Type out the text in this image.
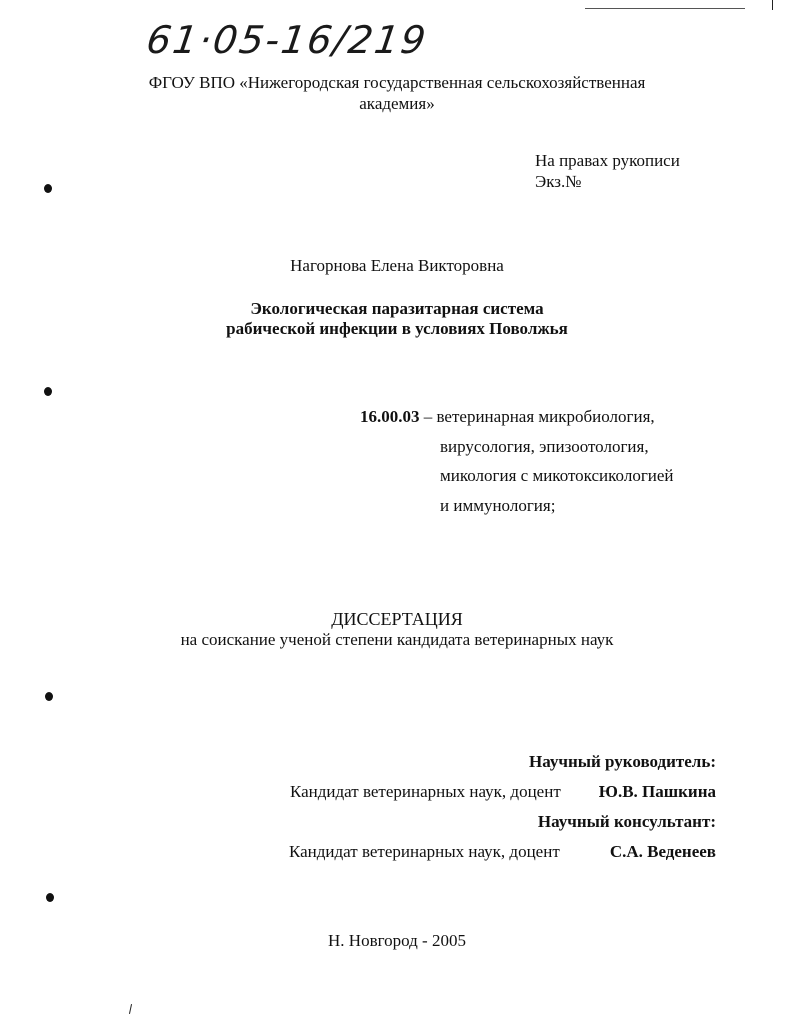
61·05-16/219

ФГОУ ВПО «Нижегородская государственная сельскохозяйственная

академия»

На правах рукописи

Экз.№

Нагорнова Елена Викторовна

Экологическая паразитарная система

рабической инфекции в условиях Поволжья

16.00.03 – ветеринарная микробиология,

вирусология, эпизоотология,

микология с микотоксикологией

и иммунология;

ДИССЕРТАЦИЯ

на соискание ученой степени кандидата ветеринарных наук

Научный руководитель:

Кандидат ветеринарных наук, доцент Ю.В. Пашкина

Научный консультант:

Кандидат ветеринарных наук, доцент	С.А. Веденеев

Н. Новгород - 2005
